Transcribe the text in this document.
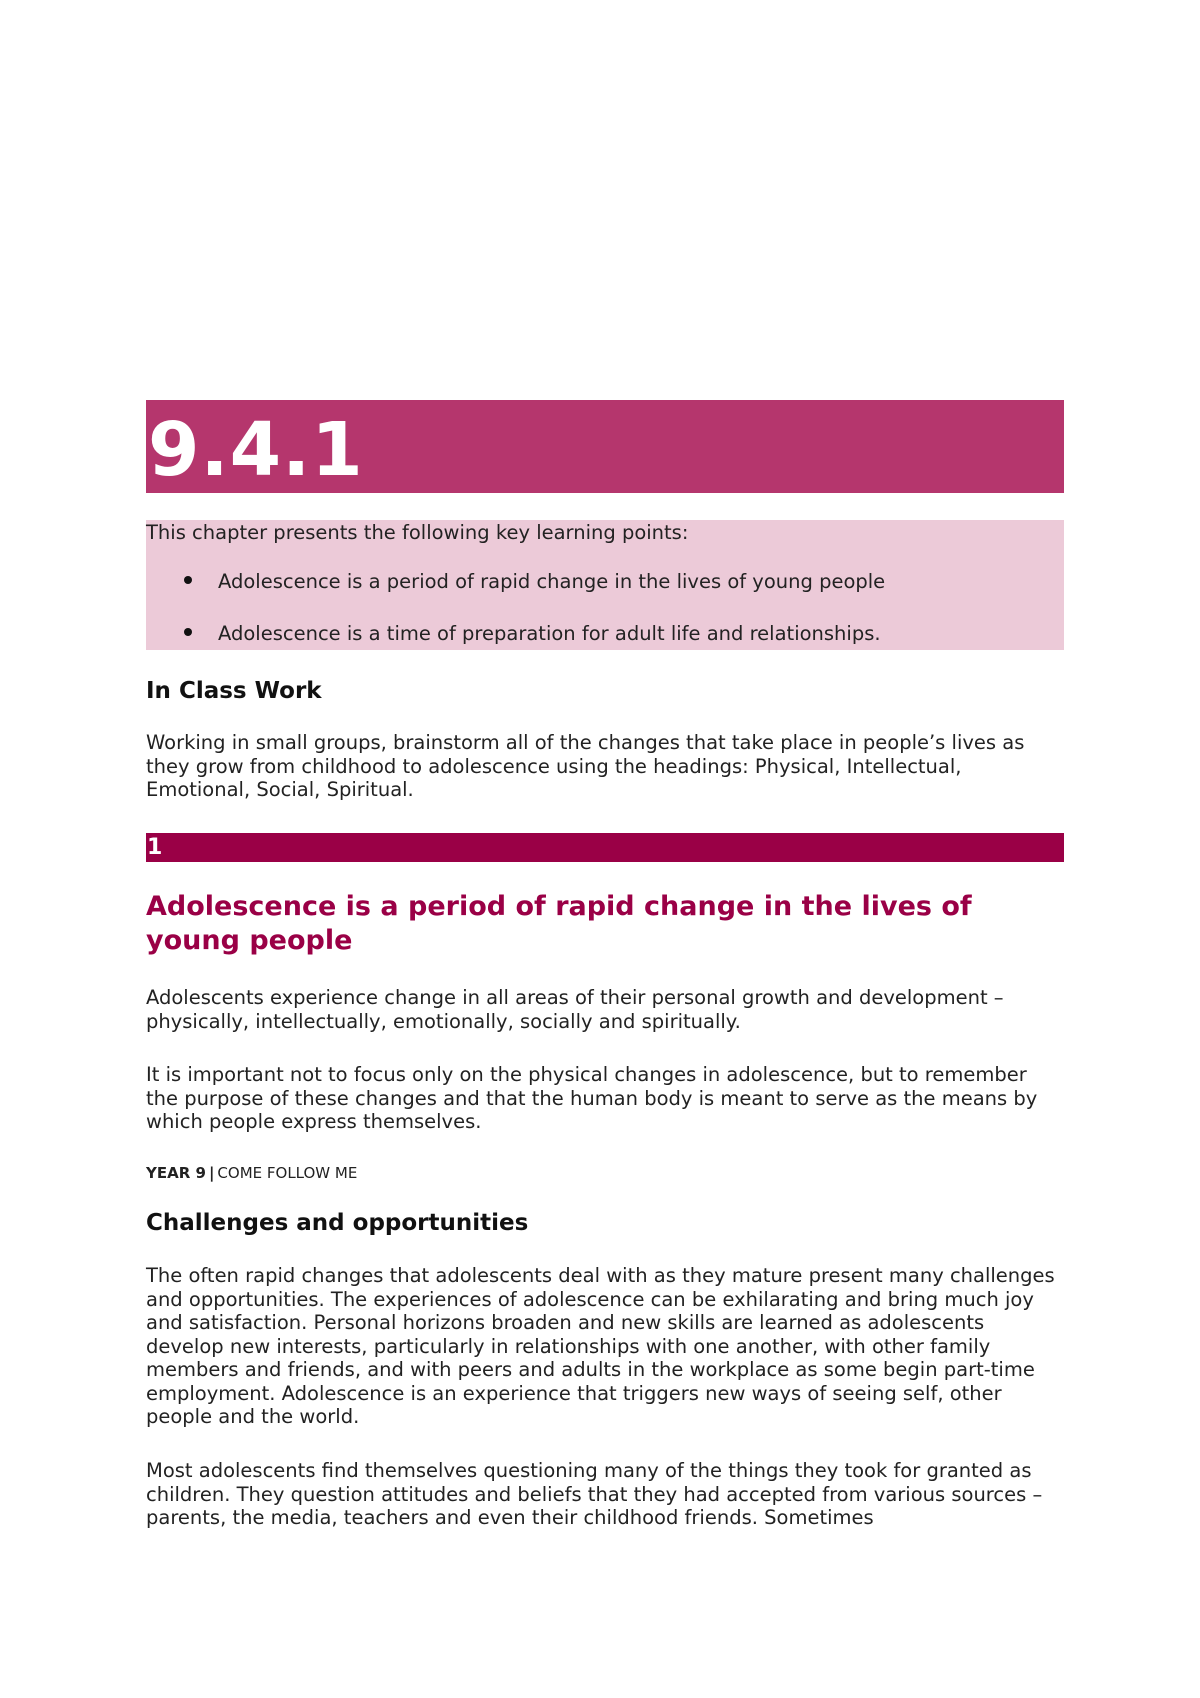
9.4.1
This chapter presents the following key learning points:
Adolescence is a period of rapid change in the lives of young people
Adolescence is a time of preparation for adult life and relationships.
In Class Work

Working in small groups, brainstorm all of the changes that take place in people’s lives as they grow from childhood to adolescence using the headings: Physical, Intellectual, Emotional, Social, Spiritual.

1
Adolescence is a period of rapid change in the lives of young people

Adolescents experience change in all areas of their personal growth and development – physically, intellectually, emotionally, socially and spiritually.

It is important not to focus only on the physical changes in adolescence, but to remember the purpose of these changes and that the human body is meant to serve as the means by which people express themselves.

YEAR 9 | COME FOLLOW ME
Challenges and opportunities

The often rapid changes that adolescents deal with as they mature present many challenges and opportunities. The experiences of adolescence can be exhilarating and bring much joy and satisfaction. Personal horizons broaden and new skills are learned as adolescents develop new interests, particularly in relationships with one another, with other family members and friends, and with peers and adults in the workplace as some begin part-time employment. Adolescence is an experience that triggers new ways of seeing self, other people and the world.

Most adolescents find themselves questioning many of the things they took for granted as children. They question attitudes and beliefs that they had accepted from various sources – parents, the media, teachers and even their childhood friends. Sometimes
